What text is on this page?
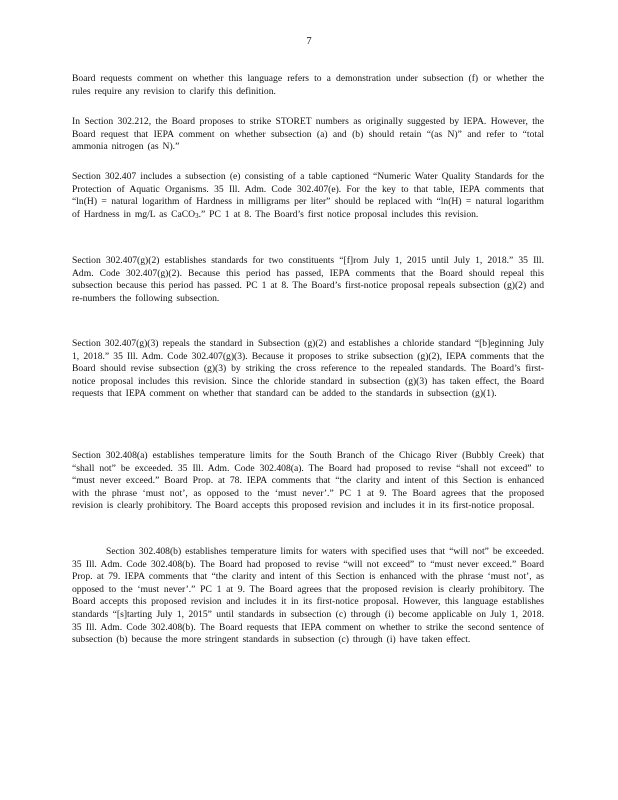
7

Board requests comment on whether this language refers to a demonstration under subsection (f) or whether the rules require any revision to clarify this definition.

In Section 302.212, the Board proposes to strike STORET numbers as originally suggested by IEPA. However, the Board request that IEPA comment on whether subsection (a) and (b) should retain “(as N)” and refer to “total ammonia nitrogen (as N).”

Section 302.407 includes a subsection (e) consisting of a table captioned “Numeric Water Quality Standards for the Protection of Aquatic Organisms. 35 Ill. Adm. Code 302.407(e). For the key to that table, IEPA comments that “ln(H) = natural logarithm of Hardness in milligrams per liter” should be replaced with “ln(H) = natural logarithm of Hardness in mg/L as CaCO$_3$.” PC 1 at 8. The Board’s first notice proposal includes this revision.

Section 302.407(g)(2) establishes standards for two constituents “[f]rom July 1, 2015 until July 1, 2018.” 35 Ill. Adm. Code 302.407(g)(2). Because this period has passed, IEPA comments that the Board should repeal this subsection because this period has passed. PC 1 at 8. The Board’s first-notice proposal repeals subsection (g)(2) and re-numbers the following subsection.

Section 302.407(g)(3) repeals the standard in Subsection (g)(2) and establishes a chloride standard “[b]eginning July 1, 2018.” 35 Ill. Adm. Code 302.407(g)(3). Because it proposes to strike subsection (g)(2), IEPA comments that the Board should revise subsection (g)(3) by striking the cross reference to the repealed standards. The Board’s first-notice proposal includes this revision. Since the chloride standard in subsection (g)(3) has taken effect, the Board requests that IEPA comment on whether that standard can be added to the standards in subsection (g)(1).

Section 302.408(a) establishes temperature limits for the South Branch of the Chicago River (Bubbly Creek) that “shall not” be exceeded. 35 Ill. Adm. Code 302.408(a). The Board had proposed to revise “shall not exceed” to “must never exceed.” Board Prop. at 78. IEPA comments that “the clarity and intent of this Section is enhanced with the phrase ‘must not’, as opposed to the ‘must never’.” PC 1 at 9. The Board agrees that the proposed revision is clearly prohibitory. The Board accepts this proposed revision and includes it in its first-notice proposal.

Section 302.408(b) establishes temperature limits for waters with specified uses that “will not” be exceeded. 35 Ill. Adm. Code 302.408(b). The Board had proposed to revise “will not exceed” to “must never exceed.” Board Prop. at 79. IEPA comments that “the clarity and intent of this Section is enhanced with the phrase ‘must not’, as opposed to the ‘must never’.” PC 1 at 9. The Board agrees that the proposed revision is clearly prohibitory. The Board accepts this proposed revision and includes it in its first-notice proposal. However, this language establishes standards “[s]tarting July 1, 2015” until standards in subsection (c) through (i) become applicable on July 1, 2018. 35 Ill. Adm. Code 302.408(b). The Board requests that IEPA comment on whether to strike the second sentence of subsection (b) because the more stringent standards in subsection (c) through (i) have taken effect.
